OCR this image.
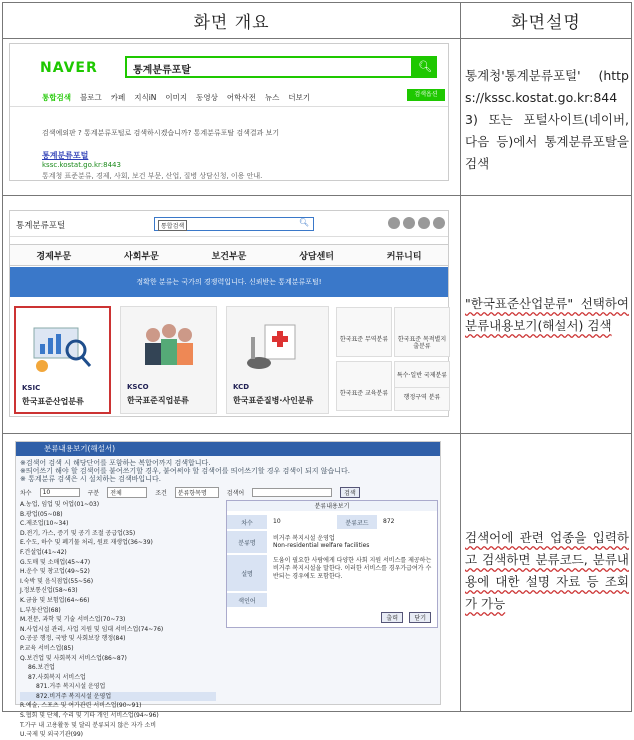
화면 개요	화면설명
NAVER	통계분류포탈	🔍︎
통합검색 블로그 카페 지식iN 이미지 동영상 어학사전 뉴스 더보기	검색옵션
검색예외판 ? 통계분류포털로 검색하시겠습니까? 통계분류포탈 검색결과 보기
통계분류포털
kssc.kostat.go.kr:8443
통계청 표준분류, 경제, 사회, 보건 부문, 산업, 질병 상담신청, 이용 안내.
통계청'통계분류포털' (https://kssc.kostat.go.kr:8443) 또는 포털사이트(네이버, 다음 등)에서 통계분류포탈을 검색
통계분류포털	통합검색	🔍︎
경제부문	사회부문	보건부문	상담센터	커뮤니티
정확한 분류는 국가의 경쟁력입니다. 신뢰받는 통계분류포털!
KSIC
한국표준산업분류
KSCO
한국표준직업분류
KCD
한국표준질병·사인분류
한국표준 무역분류	한국표준 목적별지출분류
한국표준 교육분류
특수·일반 국제분류
행정구역 분류
"한국표준산업분류" 선택하여 분류내용보기(해설서) 검색
분류내용보기(해설서)
※검색어 검색 시 해당단어를 포함하는 복합어까지 검색합니다.
※띄어쓰기 해야 할 검색어를 붙여쓰기할 경우, 붙여써야 할 검색어를 띄어쓰기할 경우 검색이 되지 않습니다.
※ 통계분류 검색은 시 설치하는 검색바입니다.
차수	10	구분	전체	조건	분류항목명	검색어	검색
A.농업, 임업 및 어업(01~03)
B.광업(05~08)
C.제조업(10~34)
D.전기, 가스, 증기 및 공기 조절 공급업(35)
E.수도, 하수 및 폐기물 처리, 원료 재생업(36~39)
F.건설업(41~42)
G.도매 및 소매업(45~47)
H.운수 및 창고업(49~52)
I.숙박 및 음식점업(55~56)
J.정보통신업(58~63)
K.금융 및 보험업(64~66)
L.부동산업(68)
M.전문, 과학 및 기술 서비스업(70~73)
N.사업시설 관리, 사업 지원 및 임대 서비스업(74~76)
O.공공 행정, 국방 및 사회보장 행정(84)
P.교육 서비스업(85)
Q.보건업 및 사회복지 서비스업(86~87)
86.보건업
87.사회복지 서비스업
871.거주 복지시설 운영업
872.비거주 복지시설 운영업
R.예술, 스포츠 및 여가관련 서비스업(90~91)
S.협회 및 단체, 수리 및 기타 개인 서비스업(94~96)
T.가구 내 고용활동 및 달리 분류되지 않은 자가 소비
U.국제 및 외국기관(99)
분류내용보기
차수	10	분류코드	872
분류명
비거주 복지시설 운영업
Non-residential welfare facilities
설명
도움이 필요한 사람에게 다양한 사회 지원 서비스를 제공하는 비거주 복지시설을 말한다. 이러한 서비스를 경우가급여가 수반되는 경우에도 포함한다.
색인어
출력	닫기
검색어에 관련 업종을 입력하고 검색하면 분류코드, 분류내용에 대한 설명 자료 등 조회가 가능
